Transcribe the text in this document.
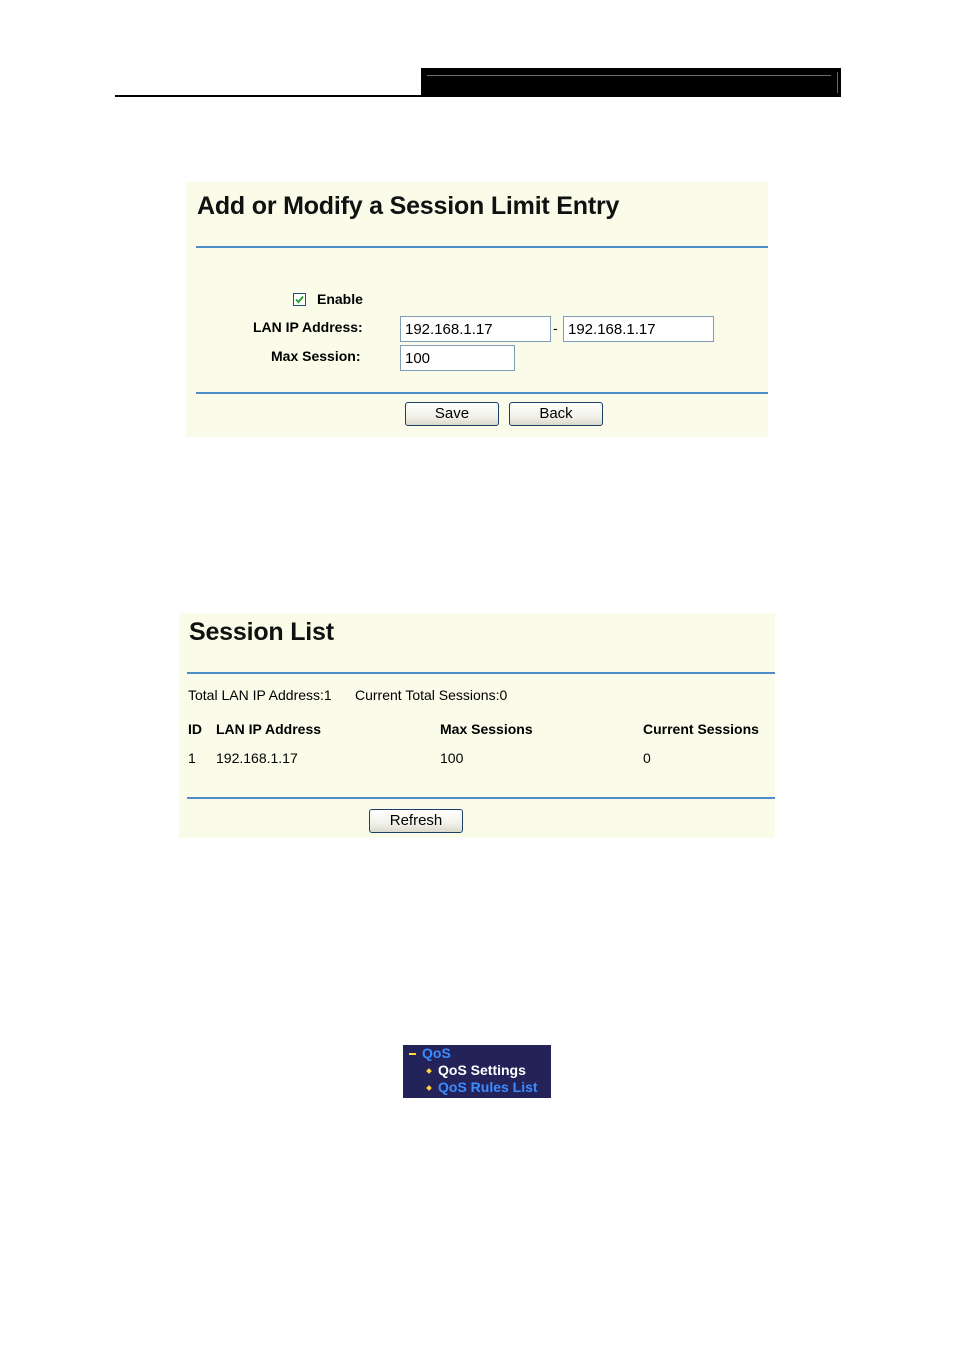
Add or Modify a Session Limit Entry
Enable
LAN IP Address:
192.168.1.17	-
192.168.1.17
Max Session:
100
Save	Back
Session List
Total LAN IP Address:1 Current Total Sessions:0
ID LAN IP Address	Max Sessions	Current Sessions
1 192.168.1.17	100	0
Refresh
QoS
QoS Settings
QoS Rules List
